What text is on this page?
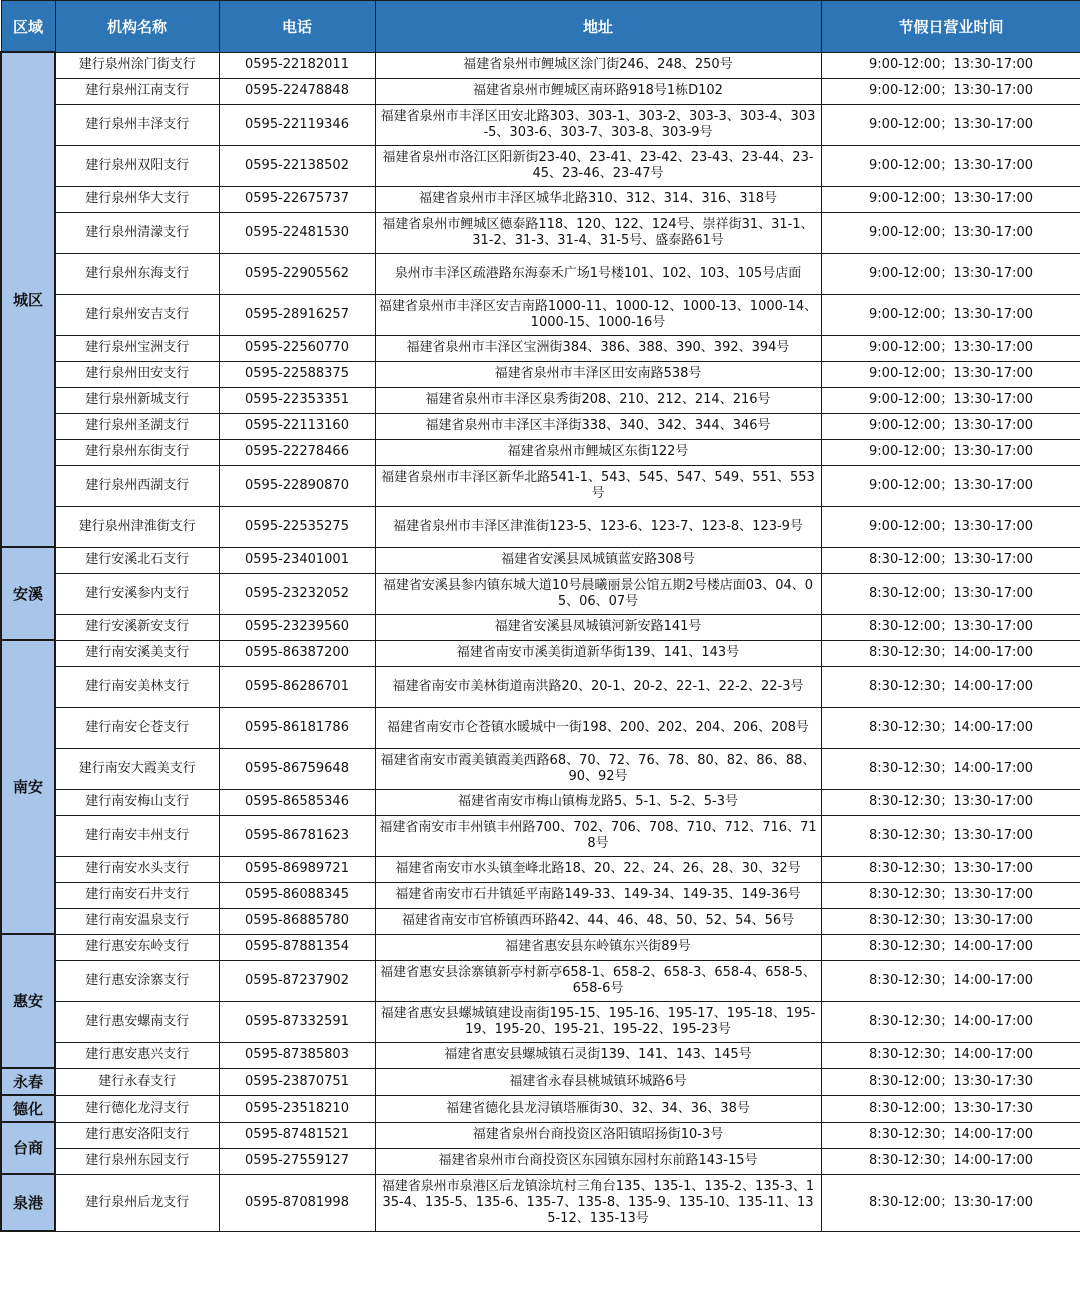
区域	机构名称	电话	地址	节假日营业时间
城区	建行泉州涂门街支行	0595-22182011	福建省泉州市鲤城区涂门街246、248、250号	9:00-12:00；13:30-17:00
	建行泉州江南支行	0595-22478848	福建省泉州市鲤城区南环路918号1栋D102	9:00-12:00；13:30-17:00
	建行泉州丰泽支行	0595-22119346	福建省泉州市丰泽区田安北路303、303-1、303-2、303-3、303-4、303-5、303-6、303-7、303-8、303-9号	9:00-12:00；13:30-17:00
	建行泉州双阳支行	0595-22138502	福建省泉州市洛江区阳新街23-40、23-41、23-42、23-43、23-44、23-45、23-46、23-47号	9:00-12:00；13:30-17:00
	建行泉州华大支行	0595-22675737	福建省泉州市丰泽区城华北路310、312、314、316、318号	9:00-12:00；13:30-17:00
	建行泉州清濛支行	0595-22481530	福建省泉州市鲤城区德泰路118、120、122、124号、崇祥街31、31-1、31-2、31-3、31-4、31-5号、盛泰路61号	9:00-12:00；13:30-17:00
	建行泉州东海支行	0595-22905562	泉州市丰泽区疏港路东海泰禾广场1号楼101、102、103、105号店面	9:00-12:00；13:30-17:00
	建行泉州安吉支行	0595-28916257	福建省泉州市丰泽区安吉南路1000-11、1000-12、1000-13、1000-14、1000-15、1000-16号	9:00-12:00；13:30-17:00
	建行泉州宝洲支行	0595-22560770	福建省泉州市丰泽区宝洲街384、386、388、390、392、394号	9:00-12:00；13:30-17:00
	建行泉州田安支行	0595-22588375	福建省泉州市丰泽区田安南路538号	9:00-12:00；13:30-17:00
	建行泉州新城支行	0595-22353351	福建省泉州市丰泽区泉秀街208、210、212、214、216号	9:00-12:00；13:30-17:00
	建行泉州圣湖支行	0595-22113160	福建省泉州市丰泽区丰泽街338、340、342、344、346号	9:00-12:00；13:30-17:00
	建行泉州东街支行	0595-22278466	福建省泉州市鲤城区东街122号	9:00-12:00；13:30-17:00
	建行泉州西湖支行	0595-22890870	福建省泉州市丰泽区新华北路541-1、543、545、547、549、551、553号	9:00-12:00；13:30-17:00
	建行泉州津淮街支行	0595-22535275	福建省泉州市丰泽区津淮街123-5、123-6、123-7、123-8、123-9号	9:00-12:00；13:30-17:00
安溪	建行安溪北石支行	0595-23401001	福建省安溪县凤城镇蓝安路308号	8:30-12:00；13:30-17:00
	建行安溪参内支行	0595-23232052	福建省安溪县参内镇东城大道10号晨曦丽景公馆五期2号楼店面03、04、05、06、07号	8:30-12:00；13:30-17:00
	建行安溪新安支行	0595-23239560	福建省安溪县凤城镇河新安路141号	8:30-12:00；13:30-17:00
南安	建行南安溪美支行	0595-86387200	福建省南安市溪美街道新华街139、141、143号	8:30-12:30；14:00-17:00
	建行南安美林支行	0595-86286701	福建省南安市美林街道南洪路20、20-1、20-2、22-1、22-2、22-3号	8:30-12:30；14:00-17:00
	建行南安仑苍支行	0595-86181786	福建省南安市仑苍镇水暖城中一街198、200、202、204、206、208号	8:30-12:30；14:00-17:00
	建行南安大霞美支行	0595-86759648	福建省南安市霞美镇霞美西路68、70、72、76、78、80、82、86、88、90、92号	8:30-12:30；14:00-17:00
	建行南安梅山支行	0595-86585346	福建省南安市梅山镇梅龙路5、5-1、5-2、5-3号	8:30-12:30；13:30-17:00
	建行南安丰州支行	0595-86781623	福建省南安市丰州镇丰州路700、702、706、708、710、712、716、718号	8:30-12:30；13:30-17:00
	建行南安水头支行	0595-86989721	福建省南安市水头镇奎峰北路18、20、22、24、26、28、30、32号	8:30-12:30；13:30-17:00
	建行南安石井支行	0595-86088345	福建省南安市石井镇延平南路149-33、149-34、149-35、149-36号	8:30-12:30；13:30-17:00
	建行南安温泉支行	0595-86885780	福建省南安市官桥镇西环路42、44、46、48、50、52、54、56号	8:30-12:30；13:30-17:00
惠安	建行惠安东岭支行	0595-87881354	福建省惠安县东岭镇东兴街89号	8:30-12:30；14:00-17:00
	建行惠安涂寨支行	0595-87237902	福建省惠安县涂寨镇新亭村新亭658-1、658-2、658-3、658-4、658-5、658-6号	8:30-12:30；14:00-17:00
	建行惠安螺南支行	0595-87332591	福建省惠安县螺城镇建设南街195-15、195-16、195-17、195-18、195-19、195-20、195-21、195-22、195-23号	8:30-12:30；14:00-17:00
	建行惠安惠兴支行	0595-87385803	福建省惠安县螺城镇石灵街139、141、143、145号	8:30-12:30；14:00-17:00
永春	建行永春支行	0595-23870751	福建省永春县桃城镇环城路6号	8:30-12:00；13:30-17:30
德化	建行德化龙浔支行	0595-23518210	福建省德化县龙浔镇塔雁街30、32、34、36、38号	8:30-12:00；13:30-17:30
台商	建行惠安洛阳支行	0595-87481521	福建省泉州台商投资区洛阳镇昭扬街10-3号	8:30-12:30；14:00-17:00
	建行泉州东园支行	0595-27559127	福建省泉州市台商投资区东园镇东园村东前路143-15号	8:30-12:30；14:00-17:00
泉港	建行泉州后龙支行	0595-87081998	福建省泉州市泉港区后龙镇涂坑村三角台135、135-1、135-2、135-3、135-4、135-5、135-6、135-7、135-8、135-9、135-10、135-11、135-12、135-13号	8:30-12:00；13:30-17:00
